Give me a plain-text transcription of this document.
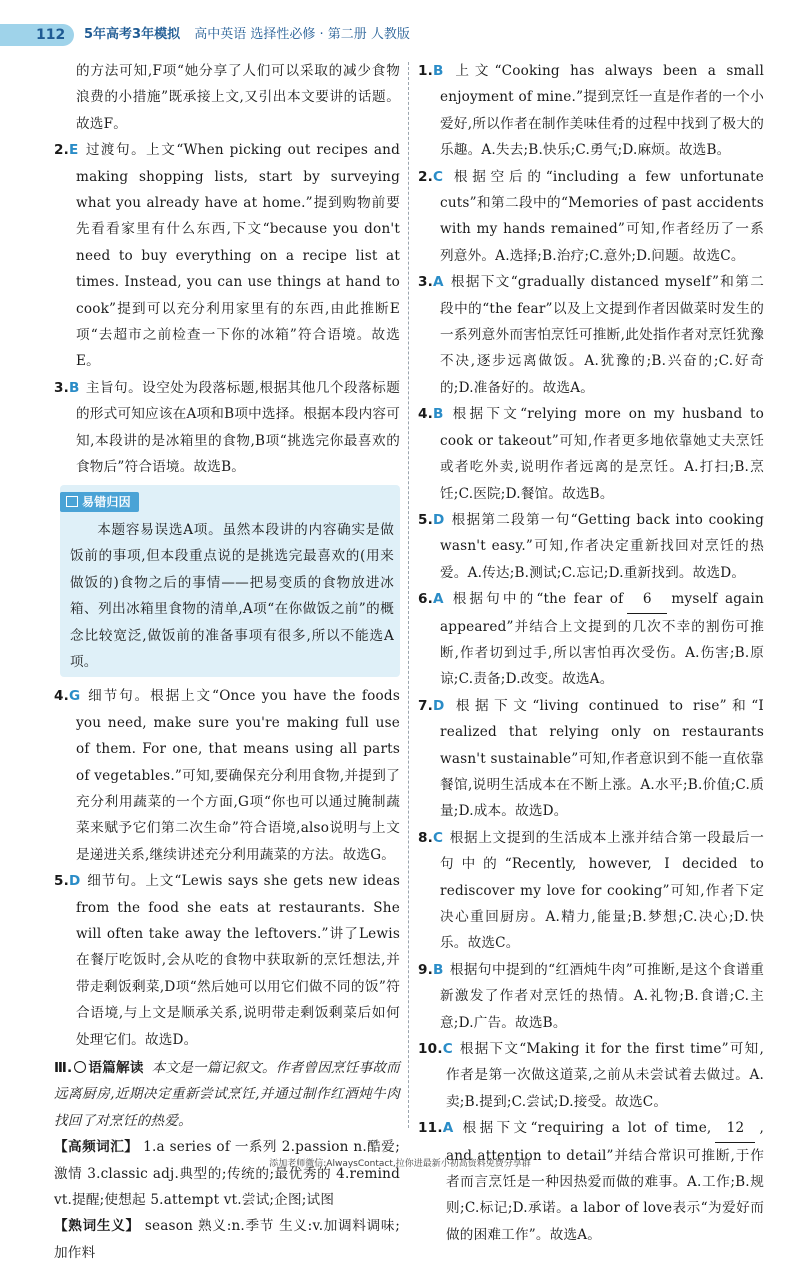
112 5年高考3年模拟 高中英语 选择性必修 · 第二册 人教版

的方法可知,F项“她分享了人们可以采取的减少食物浪费的小措施”既承接上文,又引出本文要讲的话题。故选F。

2.E 过渡句。上文“When picking out recipes and making shopping lists, start by surveying what you already have at home.”提到购物前要先看看家里有什么东西,下文“because you don't need to buy everything on a recipe list at times. Instead, you can use things at hand to cook”提到可以充分利用家里有的东西,由此推断E项“去超市之前检查一下你的冰箱”符合语境。故选E。

3.B 主旨句。设空处为段落标题,根据其他几个段落标题的形式可知应该在A项和B项中选择。根据本段内容可知,本段讲的是冰箱里的食物,B项“挑选完你最喜欢的食物后”符合语境。故选B。

易错归因

本题容易误选A项。虽然本段讲的内容确实是做饭前的事项,但本段重点说的是挑选完最喜欢的(用来做饭的)食物之后的事情——把易变质的食物放进冰箱、列出冰箱里食物的清单,A项“在你做饭之前”的概念比较宽泛,做饭前的准备事项有很多,所以不能选A项。

4.G 细节句。根据上文“Once you have the foods you need, make sure you're making full use of them. For one, that means using all parts of vegetables.”可知,要确保充分利用食物,并提到了充分利用蔬菜的一个方面,G项“你也可以通过腌制蔬菜来赋予它们第二次生命”符合语境,also说明与上文是递进关系,继续讲述充分利用蔬菜的方法。故选G。

5.D 细节句。上文“Lewis says she gets new ideas from the food she eats at restaurants. She will often take away the leftovers.”讲了Lewis在餐厅吃饭时,会从吃的食物中获取新的烹饪想法,并带走剩饭剩菜,D项“然后她可以用它们做不同的饭”符合语境,与上文是顺承关系,说明带走剩饭剩菜后如何处理它们。故选D。

Ⅲ. 语篇解读 本文是一篇记叙文。作者曾因烹饪事故而远离厨房,近期决定重新尝试烹饪,并通过制作红酒炖牛肉找回了对烹饪的热爱。

【高频词汇】 1.a series of 一系列 2.passion n.酷爱;激情 3.classic adj.典型的;传统的;最优秀的 4.remind vt.提醒;使想起 5.attempt vt.尝试;企图;试图

【熟词生义】 season 熟义:n.季节 生义:v.加调料调味;加作料

1.B 上文“Cooking has always been a small enjoyment of mine.”提到烹饪一直是作者的一个小爱好,所以作者在制作美味佳肴的过程中找到了极大的乐趣。A.失去;B.快乐;C.勇气;D.麻烦。故选B。

2.C 根据空后的“including a few unfortunate cuts”和第二段中的“Memories of past accidents with my hands remained”可知,作者经历了一系列意外。A.选择;B.治疗;C.意外;D.问题。故选C。

3.A 根据下文“gradually distanced myself”和第二段中的“the fear”以及上文提到作者因做菜时发生的一系列意外而害怕烹饪可推断,此处指作者对烹饪犹豫不决,逐步远离做饭。A.犹豫的;B.兴奋的;C.好奇的;D.准备好的。故选A。

4.B 根据下文“relying more on my husband to cook or takeout”可知,作者更多地依靠她丈夫烹饪或者吃外卖,说明作者远离的是烹饪。A.打扫;B.烹饪;C.医院;D.餐馆。故选B。

5.D 根据第二段第一句“Getting back into cooking wasn't easy.”可知,作者决定重新找回对烹饪的热爱。A.传达;B.测试;C.忘记;D.重新找到。故选D。

6.A 根据句中的“the fear of 6 myself again appeared”并结合上文提到的几次不幸的割伤可推断,作者切到过手,所以害怕再次受伤。A.伤害;B.原谅;C.责备;D.改变。故选A。

7.D 根据下文“living continued to rise”和“I realized that relying only on restaurants wasn't sustainable”可知,作者意识到不能一直依靠餐馆,说明生活成本在不断上涨。A.水平;B.价值;C.质量;D.成本。故选D。

8.C 根据上文提到的生活成本上涨并结合第一段最后一句中的“Recently, however, I decided to rediscover my love for cooking”可知,作者下定决心重回厨房。A.精力,能量;B.梦想;C.决心;D.快乐。故选C。

9.B 根据句中提到的“红酒炖牛肉”可推断,是这个食谱重新激发了作者对烹饪的热情。A.礼物;B.食谱;C.主意;D.广告。故选B。

10.C 根据下文“Making it for the first time”可知,作者是第一次做这道菜,之前从未尝试着去做过。A.卖;B.提到;C.尝试;D.接受。故选C。

11.A 根据下文“requiring a lot of time, 12 , and attention to detail”并结合常识可推断,于作者而言烹饪是一种因热爱而做的难事。A.工作;B.规则;C.标记;D.承诺。a labor of love表示“为爱好而做的困难工作”。故选A。

添加老师微信:AlwaysContact,拉你进最新小初高资料免费分享群
